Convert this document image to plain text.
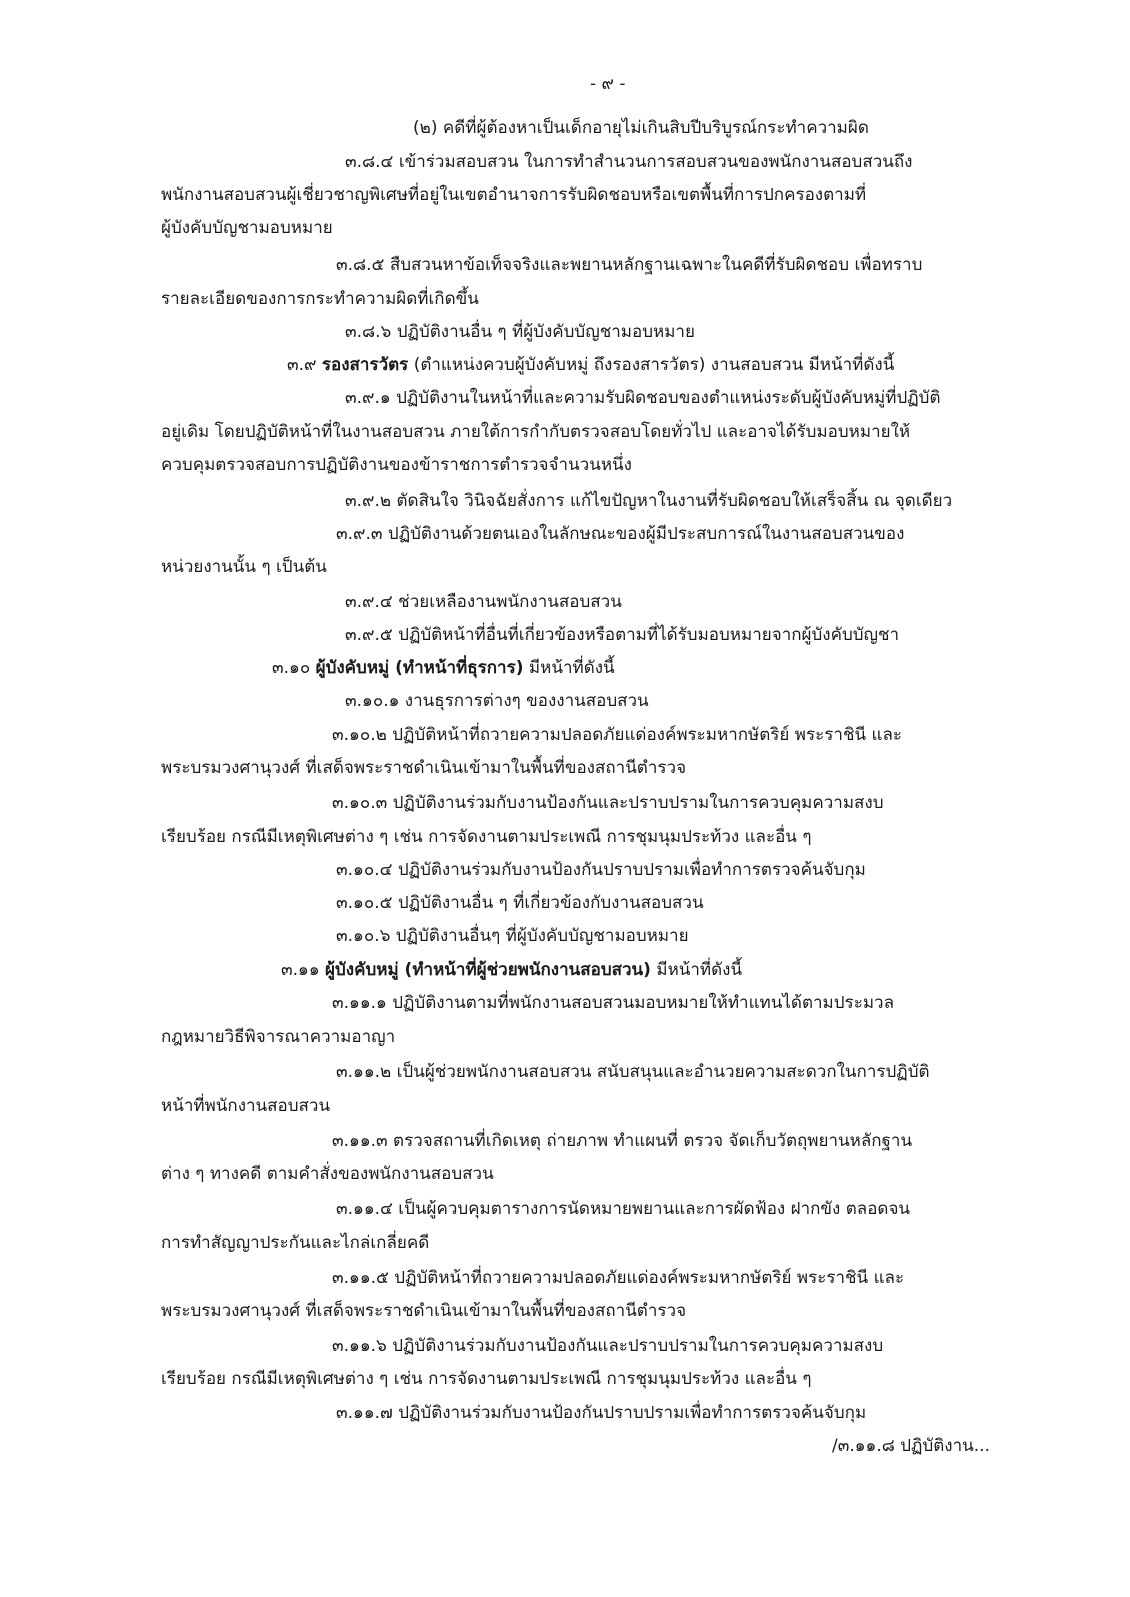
- ๙ -
(๒) คดีที่ผู้ต้องหาเป็นเด็กอายุไม่เกินสิบปีบริบูรณ์กระทำความผิด
๓.๘.๔ เข้าร่วมสอบสวน ในการทำสำนวนการสอบสวนของพนักงานสอบสวนถึง
พนักงานสอบสวนผู้เชี่ยวชาญพิเศษที่อยู่ในเขตอำนาจการรับผิดชอบหรือเขตพื้นที่การปกครองตามที่
ผู้บังคับบัญชามอบหมาย
๓.๘.๕ สืบสวนหาข้อเท็จจริงและพยานหลักฐานเฉพาะในคดีที่รับผิดชอบ เพื่อทราบ
รายละเอียดของการกระทำความผิดที่เกิดขึ้น
๓.๘.๖ ปฏิบัติงานอื่น ๆ ที่ผู้บังคับบัญชามอบหมาย
๓.๙ รองสารวัตร (ตำแหน่งควบผู้บังคับหมู่ ถึงรองสารวัตร) งานสอบสวน มีหน้าที่ดังนี้
๓.๙.๑ ปฏิบัติงานในหน้าที่และความรับผิดชอบของตำแหน่งระดับผู้บังคับหมู่ที่ปฏิบัติ
อยู่เดิม โดยปฏิบัติหน้าที่ในงานสอบสวน ภายใต้การกำกับตรวจสอบโดยทั่วไป และอาจได้รับมอบหมายให้
ควบคุมตรวจสอบการปฏิบัติงานของข้าราชการตำรวจจำนวนหนึ่ง
๓.๙.๒ ตัดสินใจ วินิจฉัยสั่งการ แก้ไขปัญหาในงานที่รับผิดชอบให้เสร็จสิ้น ณ จุดเดียว
๓.๙.๓ ปฏิบัติงานด้วยตนเองในลักษณะของผู้มีประสบการณ์ในงานสอบสวนของ
หน่วยงานนั้น ๆ เป็นต้น
๓.๙.๔ ช่วยเหลืองานพนักงานสอบสวน
๓.๙.๕ ปฏิบัติหน้าที่อื่นที่เกี่ยวข้องหรือตามที่ได้รับมอบหมายจากผู้บังคับบัญชา
๓.๑๐ ผู้บังคับหมู่ (ทำหน้าที่ธุรการ) มีหน้าที่ดังนี้
๓.๑๐.๑ งานธุรการต่างๆ ของงานสอบสวน
๓.๑๐.๒ ปฏิบัติหน้าที่ถวายความปลอดภัยแด่องค์พระมหากษัตริย์ พระราชินี และ
พระบรมวงศานุวงศ์ ที่เสด็จพระราชดำเนินเข้ามาในพื้นที่ของสถานีตำรวจ
๓.๑๐.๓ ปฏิบัติงานร่วมกับงานป้องกันและปราบปรามในการควบคุมความสงบ
เรียบร้อย กรณีมีเหตุพิเศษต่าง ๆ เช่น การจัดงานตามประเพณี การชุมนุมประท้วง และอื่น ๆ
๓.๑๐.๔ ปฏิบัติงานร่วมกับงานป้องกันปราบปรามเพื่อทำการตรวจค้นจับกุม
๓.๑๐.๕ ปฏิบัติงานอื่น ๆ ที่เกี่ยวข้องกับงานสอบสวน
๓.๑๐.๖ ปฏิบัติงานอื่นๆ ที่ผู้บังคับบัญชามอบหมาย
๓.๑๑ ผู้บังคับหมู่ (ทำหน้าที่ผู้ช่วยพนักงานสอบสวน) มีหน้าที่ดังนี้
๓.๑๑.๑ ปฏิบัติงานตามที่พนักงานสอบสวนมอบหมายให้ทำแทนได้ตามประมวล
กฎหมายวิธีพิจารณาความอาญา
๓.๑๑.๒ เป็นผู้ช่วยพนักงานสอบสวน สนับสนุนและอำนวยความสะดวกในการปฏิบัติ
หน้าที่พนักงานสอบสวน
๓.๑๑.๓ ตรวจสถานที่เกิดเหตุ ถ่ายภาพ ทำแผนที่ ตรวจ จัดเก็บวัตถุพยานหลักฐาน
ต่าง ๆ ทางคดี ตามคำสั่งของพนักงานสอบสวน
๓.๑๑.๔ เป็นผู้ควบคุมตารางการนัดหมายพยานและการผัดฟ้อง ฝากขัง ตลอดจน
การทำสัญญาประกันและไกล่เกลี่ยคดี
๓.๑๑.๕ ปฏิบัติหน้าที่ถวายความปลอดภัยแด่องค์พระมหากษัตริย์ พระราชินี และ
พระบรมวงศานุวงศ์ ที่เสด็จพระราชดำเนินเข้ามาในพื้นที่ของสถานีตำรวจ
๓.๑๑.๖ ปฏิบัติงานร่วมกับงานป้องกันและปราบปรามในการควบคุมความสงบ
เรียบร้อย กรณีมีเหตุพิเศษต่าง ๆ เช่น การจัดงานตามประเพณี การชุมนุมประท้วง และอื่น ๆ
๓.๑๑.๗ ปฏิบัติงานร่วมกับงานป้องกันปราบปรามเพื่อทำการตรวจค้นจับกุม
/๓.๑๑.๘ ปฏิบัติงาน...
